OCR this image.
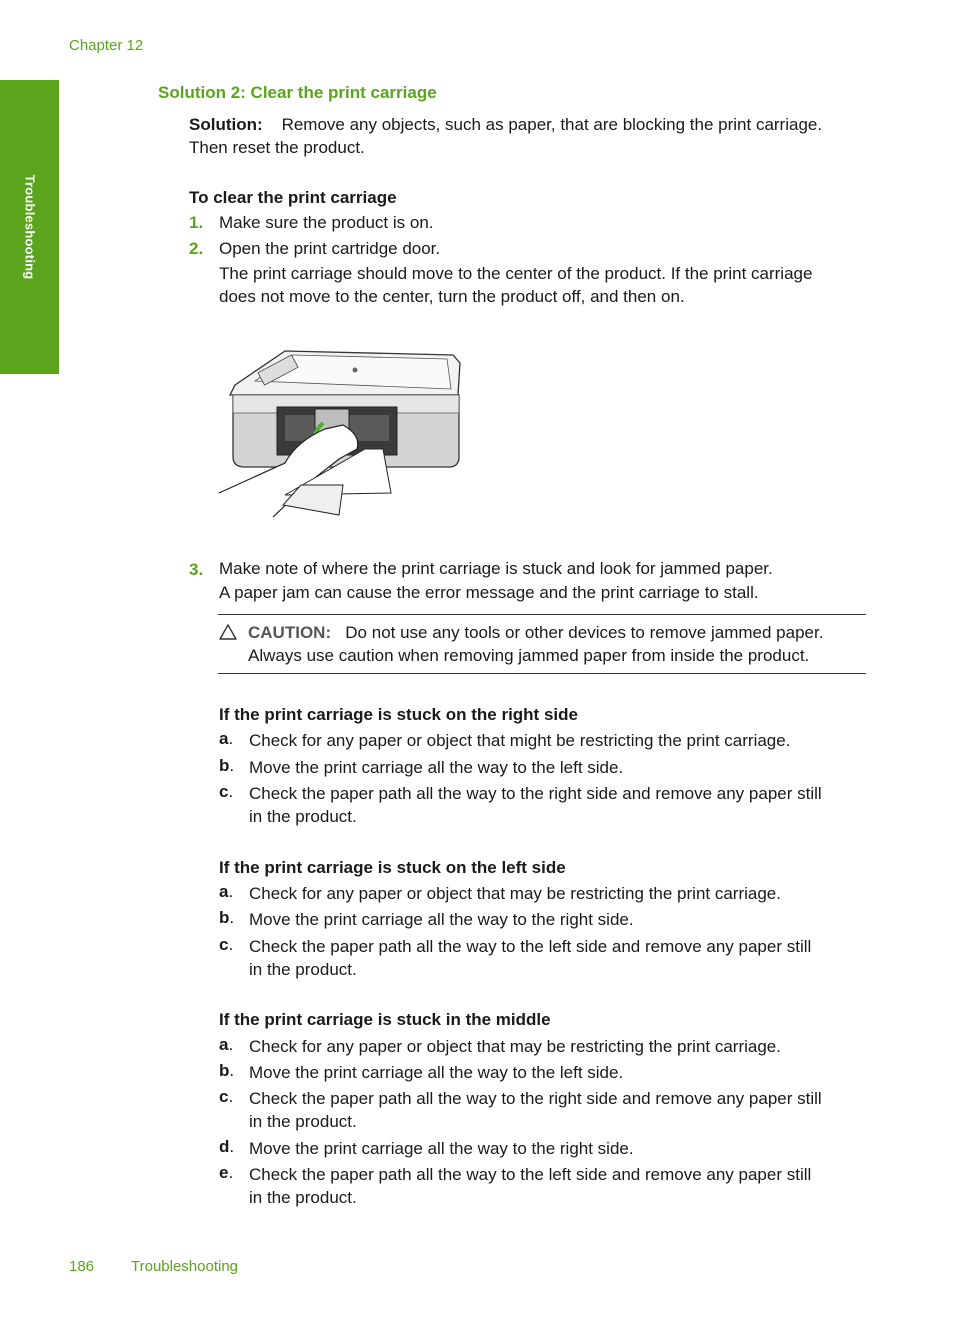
Chapter 12
Troubleshooting
Solution 2: Clear the print carriage
Solution: Remove any objects, such as paper, that are blocking the print carriage.
Then reset the product.
To clear the print carriage
1. Make sure the product is on.
2. Open the print cartridge door.
The print carriage should move to the center of the product. If the print carriage
does not move to the center, turn the product off, and then on.
3. Make note of where the print carriage is stuck and look for jammed paper.
A paper jam can cause the error message and the print carriage to stall.
CAUTION: Do not use any tools or other devices to remove jammed paper.
Always use caution when removing jammed paper from inside the product.
If the print carriage is stuck on the right side
a. Check for any paper or object that might be restricting the print carriage.
b. Move the print carriage all the way to the left side.
c. Check the paper path all the way to the right side and remove any paper still
in the product.
If the print carriage is stuck on the left side
a. Check for any paper or object that may be restricting the print carriage.
b. Move the print carriage all the way to the right side.
c. Check the paper path all the way to the left side and remove any paper still
in the product.
If the print carriage is stuck in the middle
a. Check for any paper or object that may be restricting the print carriage.
b. Move the print carriage all the way to the left side.
c. Check the paper path all the way to the right side and remove any paper still
in the product.
d. Move the print carriage all the way to the right side.
e. Check the paper path all the way to the left side and remove any paper still
in the product.
186 Troubleshooting
